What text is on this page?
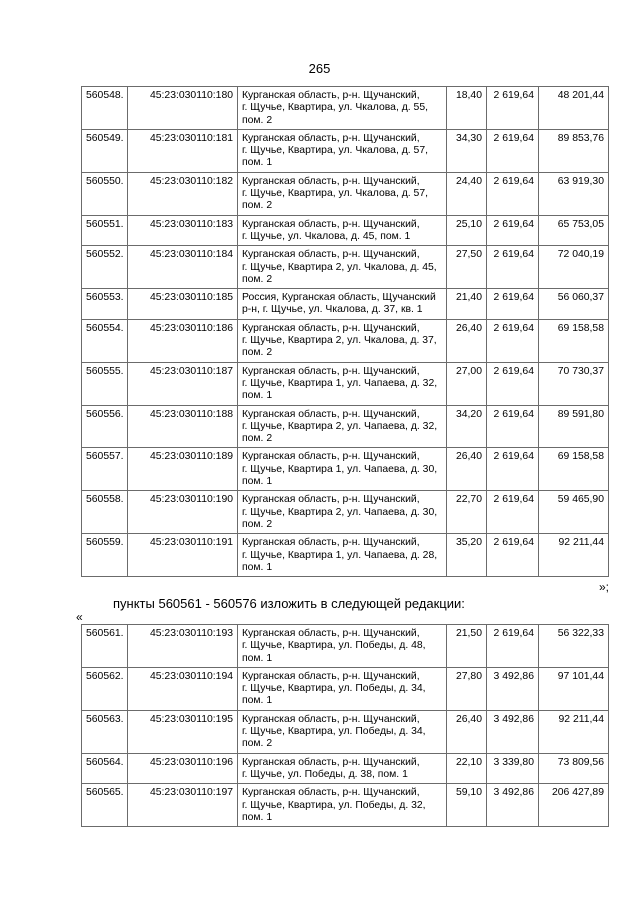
265
560548.	45:23:030110:180	Курганская область, р-н. Щучанский,
г. Щучье, Квартира, ул. Чкалова, д. 55,
пом. 2	18,40	2 619,64	48 201,44
560549.	45:23:030110:181	Курганская область, р-н. Щучанский,
г. Щучье, Квартира, ул. Чкалова, д. 57,
пом. 1	34,30	2 619,64	89 853,76
560550.	45:23:030110:182	Курганская область, р-н. Щучанский,
г. Щучье, Квартира, ул. Чкалова, д. 57,
пом. 2	24,40	2 619,64	63 919,30
560551.	45:23:030110:183	Курганская область, р-н. Щучанский,
г. Щучье, ул. Чкалова, д. 45, пом. 1	25,10	2 619,64	65 753,05
560552.	45:23:030110:184	Курганская область, р-н. Щучанский,
г. Щучье, Квартира 2, ул. Чкалова, д. 45,
пом. 2	27,50	2 619,64	72 040,19
560553.	45:23:030110:185	Россия, Курганская область, Щучанский
р-н, г. Щучье, ул. Чкалова, д. 37, кв. 1	21,40	2 619,64	56 060,37
560554.	45:23:030110:186	Курганская область, р-н. Щучанский,
г. Щучье, Квартира 2, ул. Чкалова, д. 37,
пом. 2	26,40	2 619,64	69 158,58
560555.	45:23:030110:187	Курганская область, р-н. Щучанский,
г. Щучье, Квартира 1, ул. Чапаева, д. 32,
пом. 1	27,00	2 619,64	70 730,37
560556.	45:23:030110:188	Курганская область, р-н. Щучанский,
г. Щучье, Квартира 2, ул. Чапаева, д. 32,
пом. 2	34,20	2 619,64	89 591,80
560557.	45:23:030110:189	Курганская область, р-н. Щучанский,
г. Щучье, Квартира 1, ул. Чапаева, д. 30,
пом. 1	26,40	2 619,64	69 158,58
560558.	45:23:030110:190	Курганская область, р-н. Щучанский,
г. Щучье, Квартира 2, ул. Чапаева, д. 30,
пом. 2	22,70	2 619,64	59 465,90
560559.	45:23:030110:191	Курганская область, р-н. Щучанский,
г. Щучье, Квартира 1, ул. Чапаева, д. 28,
пом. 1	35,20	2 619,64	92 211,44
»;
пункты 560561 - 560576 изложить в следующей редакции:
«
560561.	45:23:030110:193	Курганская область, р-н. Щучанский,
г. Щучье, Квартира, ул. Победы, д. 48,
пом. 1	21,50	2 619,64	56 322,33
560562.	45:23:030110:194	Курганская область, р-н. Щучанский,
г. Щучье, Квартира, ул. Победы, д. 34,
пом. 1	27,80	3 492,86	97 101,44
560563.	45:23:030110:195	Курганская область, р-н. Щучанский,
г. Щучье, Квартира, ул. Победы, д. 34,
пом. 2	26,40	3 492,86	92 211,44
560564.	45:23:030110:196	Курганская область, р-н. Щучанский,
г. Щучье, ул. Победы, д. 38, пом. 1	22,10	3 339,80	73 809,56
560565.	45:23:030110:197	Курганская область, р-н. Щучанский,
г. Щучье, Квартира, ул. Победы, д. 32,
пом. 1	59,10	3 492,86	206 427,89
